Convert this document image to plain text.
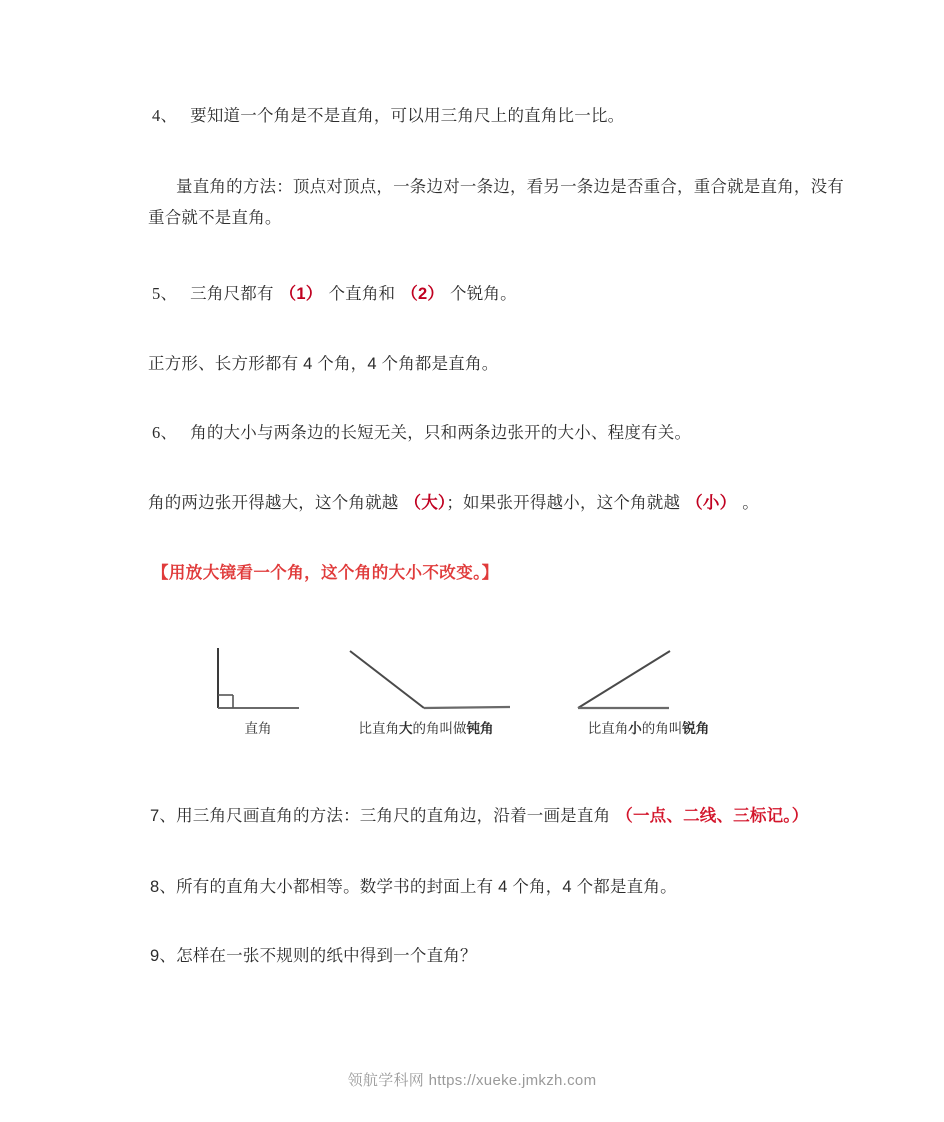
4、 要知道一个角是不是直角，可以用三角尺上的直角比一比。
量直角的方法：顶点对顶点，一条边对一条边，看另一条边是否重合，重合就是直角，没有重合就不是直角。
5、 三角尺都有 （1） 个直角和 （2） 个锐角。
正方形、长方形都有 4 个角，4 个角都是直角。
6、 角的大小与两条边的长短无关，只和两条边张开的大小、程度有关。
角的两边张开得越大，这个角就越 （大）；如果张开得越小，这个角就越 （小） 。
【用放大镜看一个角，这个角的大小不改变。】
直角	比直角大的角叫做钝角	比直角小的角叫锐角
7、用三角尺画直角的方法：三角尺的直角边，沿着一画是直角 （一点、二线、三标记。）
8、所有的直角大小都相等。数学书的封面上有 4 个角，4 个都是直角。
9、怎样在一张不规则的纸中得到一个直角？
领航学科网 https://xueke.jmkzh.com
